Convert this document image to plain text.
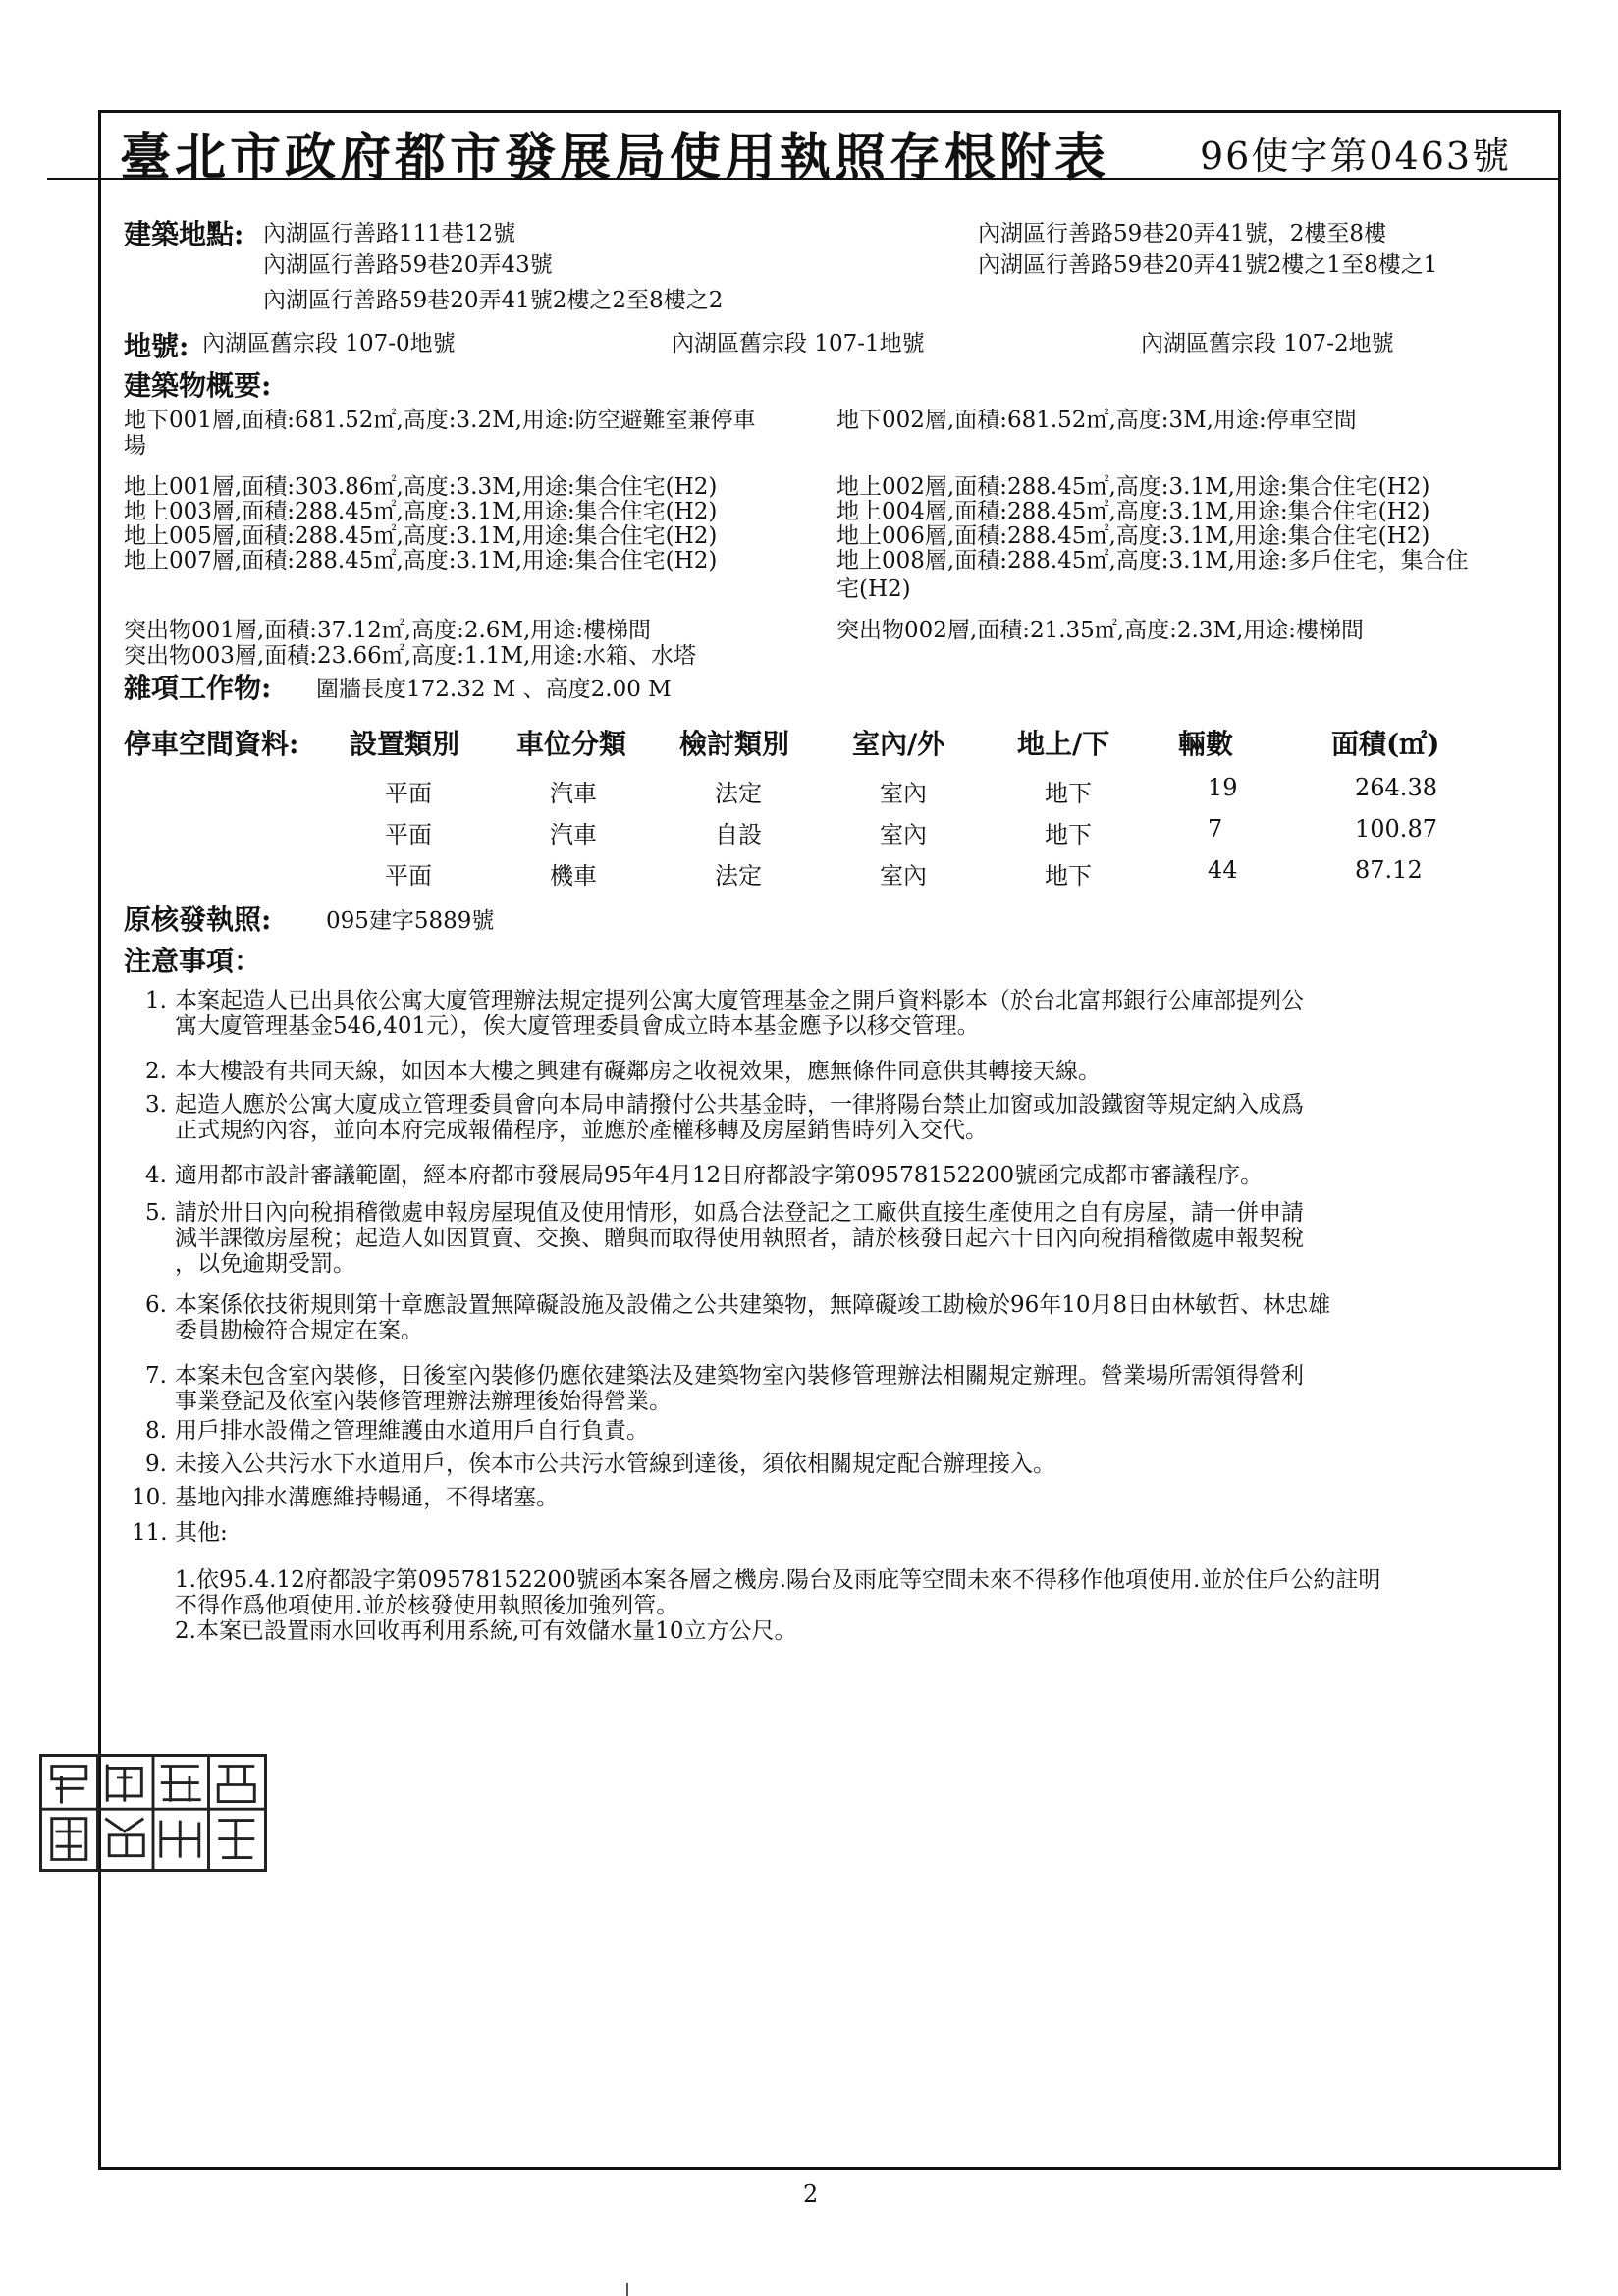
臺北市政府都市發展局使用執照存根附表 96使字第0463號
建築地點: 內湖區行善路111巷12號
內湖區行善路59巷20弄43號
內湖區行善路59巷20弄41號2樓之2至8樓之2
內湖區行善路59巷20弄41號，2樓至8樓
內湖區行善路59巷20弄41號2樓之1至8樓之1
地號: 內湖區舊宗段 107-0地號	內湖區舊宗段 107-1地號	內湖區舊宗段 107-2地號
建築物概要:
地下001層,面積:681.52㎡,高度:3.2M,用途:防空避難室兼停車
場
地下002層,面積:681.52㎡,高度:3M,用途:停車空間
地上001層,面積:303.86㎡,高度:3.3M,用途:集合住宅(H2)
地上003層,面積:288.45㎡,高度:3.1M,用途:集合住宅(H2)
地上005層,面積:288.45㎡,高度:3.1M,用途:集合住宅(H2)
地上007層,面積:288.45㎡,高度:3.1M,用途:集合住宅(H2)
地上002層,面積:288.45㎡,高度:3.1M,用途:集合住宅(H2)
地上004層,面積:288.45㎡,高度:3.1M,用途:集合住宅(H2)
地上006層,面積:288.45㎡,高度:3.1M,用途:集合住宅(H2)
地上008層,面積:288.45㎡,高度:3.1M,用途:多戶住宅，集合住
宅(H2)
突出物001層,面積:37.12㎡,高度:2.6M,用途:樓梯間
突出物003層,面積:23.66㎡,高度:1.1M,用途:水箱、水塔
突出物002層,面積:21.35㎡,高度:2.3M,用途:樓梯間
雜項工作物: 圍牆長度172.32 M 、高度2.00 M
停車空間資料: 設置類別 車位分類 檢討類別 室內/外	地上/下 輛數	面積(㎡)
平面	汽車	法定	室內	地下	19	264.38
平面	汽車	自設	室內	地下	7	100.87
平面	機車	法定	室內	地下	44	87.12
原核發執照: 095建字5889號
注意事項：
1. 本案起造人已出具依公寓大廈管理辦法規定提列公寓大廈管理基金之開戶資料影本（於台北富邦銀行公庫部提列公
寓大廈管理基金546,401元），俟大廈管理委員會成立時本基金應予以移交管理。
2. 本大樓設有共同天線，如因本大樓之興建有礙鄰房之收視效果，應無條件同意供其轉接天線。
3. 起造人應於公寓大廈成立管理委員會向本局申請撥付公共基金時，一律將陽台禁止加窗或加設鐵窗等規定納入成爲
正式規約內容，並向本府完成報備程序，並應於產權移轉及房屋銷售時列入交代。
4. 適用都市設計審議範圍，經本府都市發展局95年4月12日府都設字第09578152200號函完成都市審議程序。
5. 請於卅日內向稅捐稽徵處申報房屋現值及使用情形，如爲合法登記之工廠供直接生產使用之自有房屋，請一併申請
減半課徵房屋稅；起造人如因買賣、交換、贈與而取得使用執照者，請於核發日起六十日內向稅捐稽徵處申報契稅
，以免逾期受罰。
6. 本案係依技術規則第十章應設置無障礙設施及設備之公共建築物，無障礙竣工勘檢於96年10月8日由林敏哲、林忠雄
委員勘檢符合規定在案。
7. 本案未包含室內裝修，日後室內裝修仍應依建築法及建築物室內裝修管理辦法相關規定辦理。營業場所需領得營利
事業登記及依室內裝修管理辦法辦理後始得營業。
8. 用戶排水設備之管理維護由水道用戶自行負責。
9. 未接入公共污水下水道用戶，俟本市公共污水管線到達後，須依相關規定配合辦理接入。
10. 基地內排水溝應維持暢通，不得堵塞。
11. 其他:
1.依95.4.12府都設字第09578152200號函本案各層之機房.陽台及雨庇等空間未來不得移作他項使用.並於住戶公約註明
不得作爲他項使用.並於核發使用執照後加強列管。
2.本案已設置雨水回收再利用系統,可有效儲水量10立方公尺。
2
